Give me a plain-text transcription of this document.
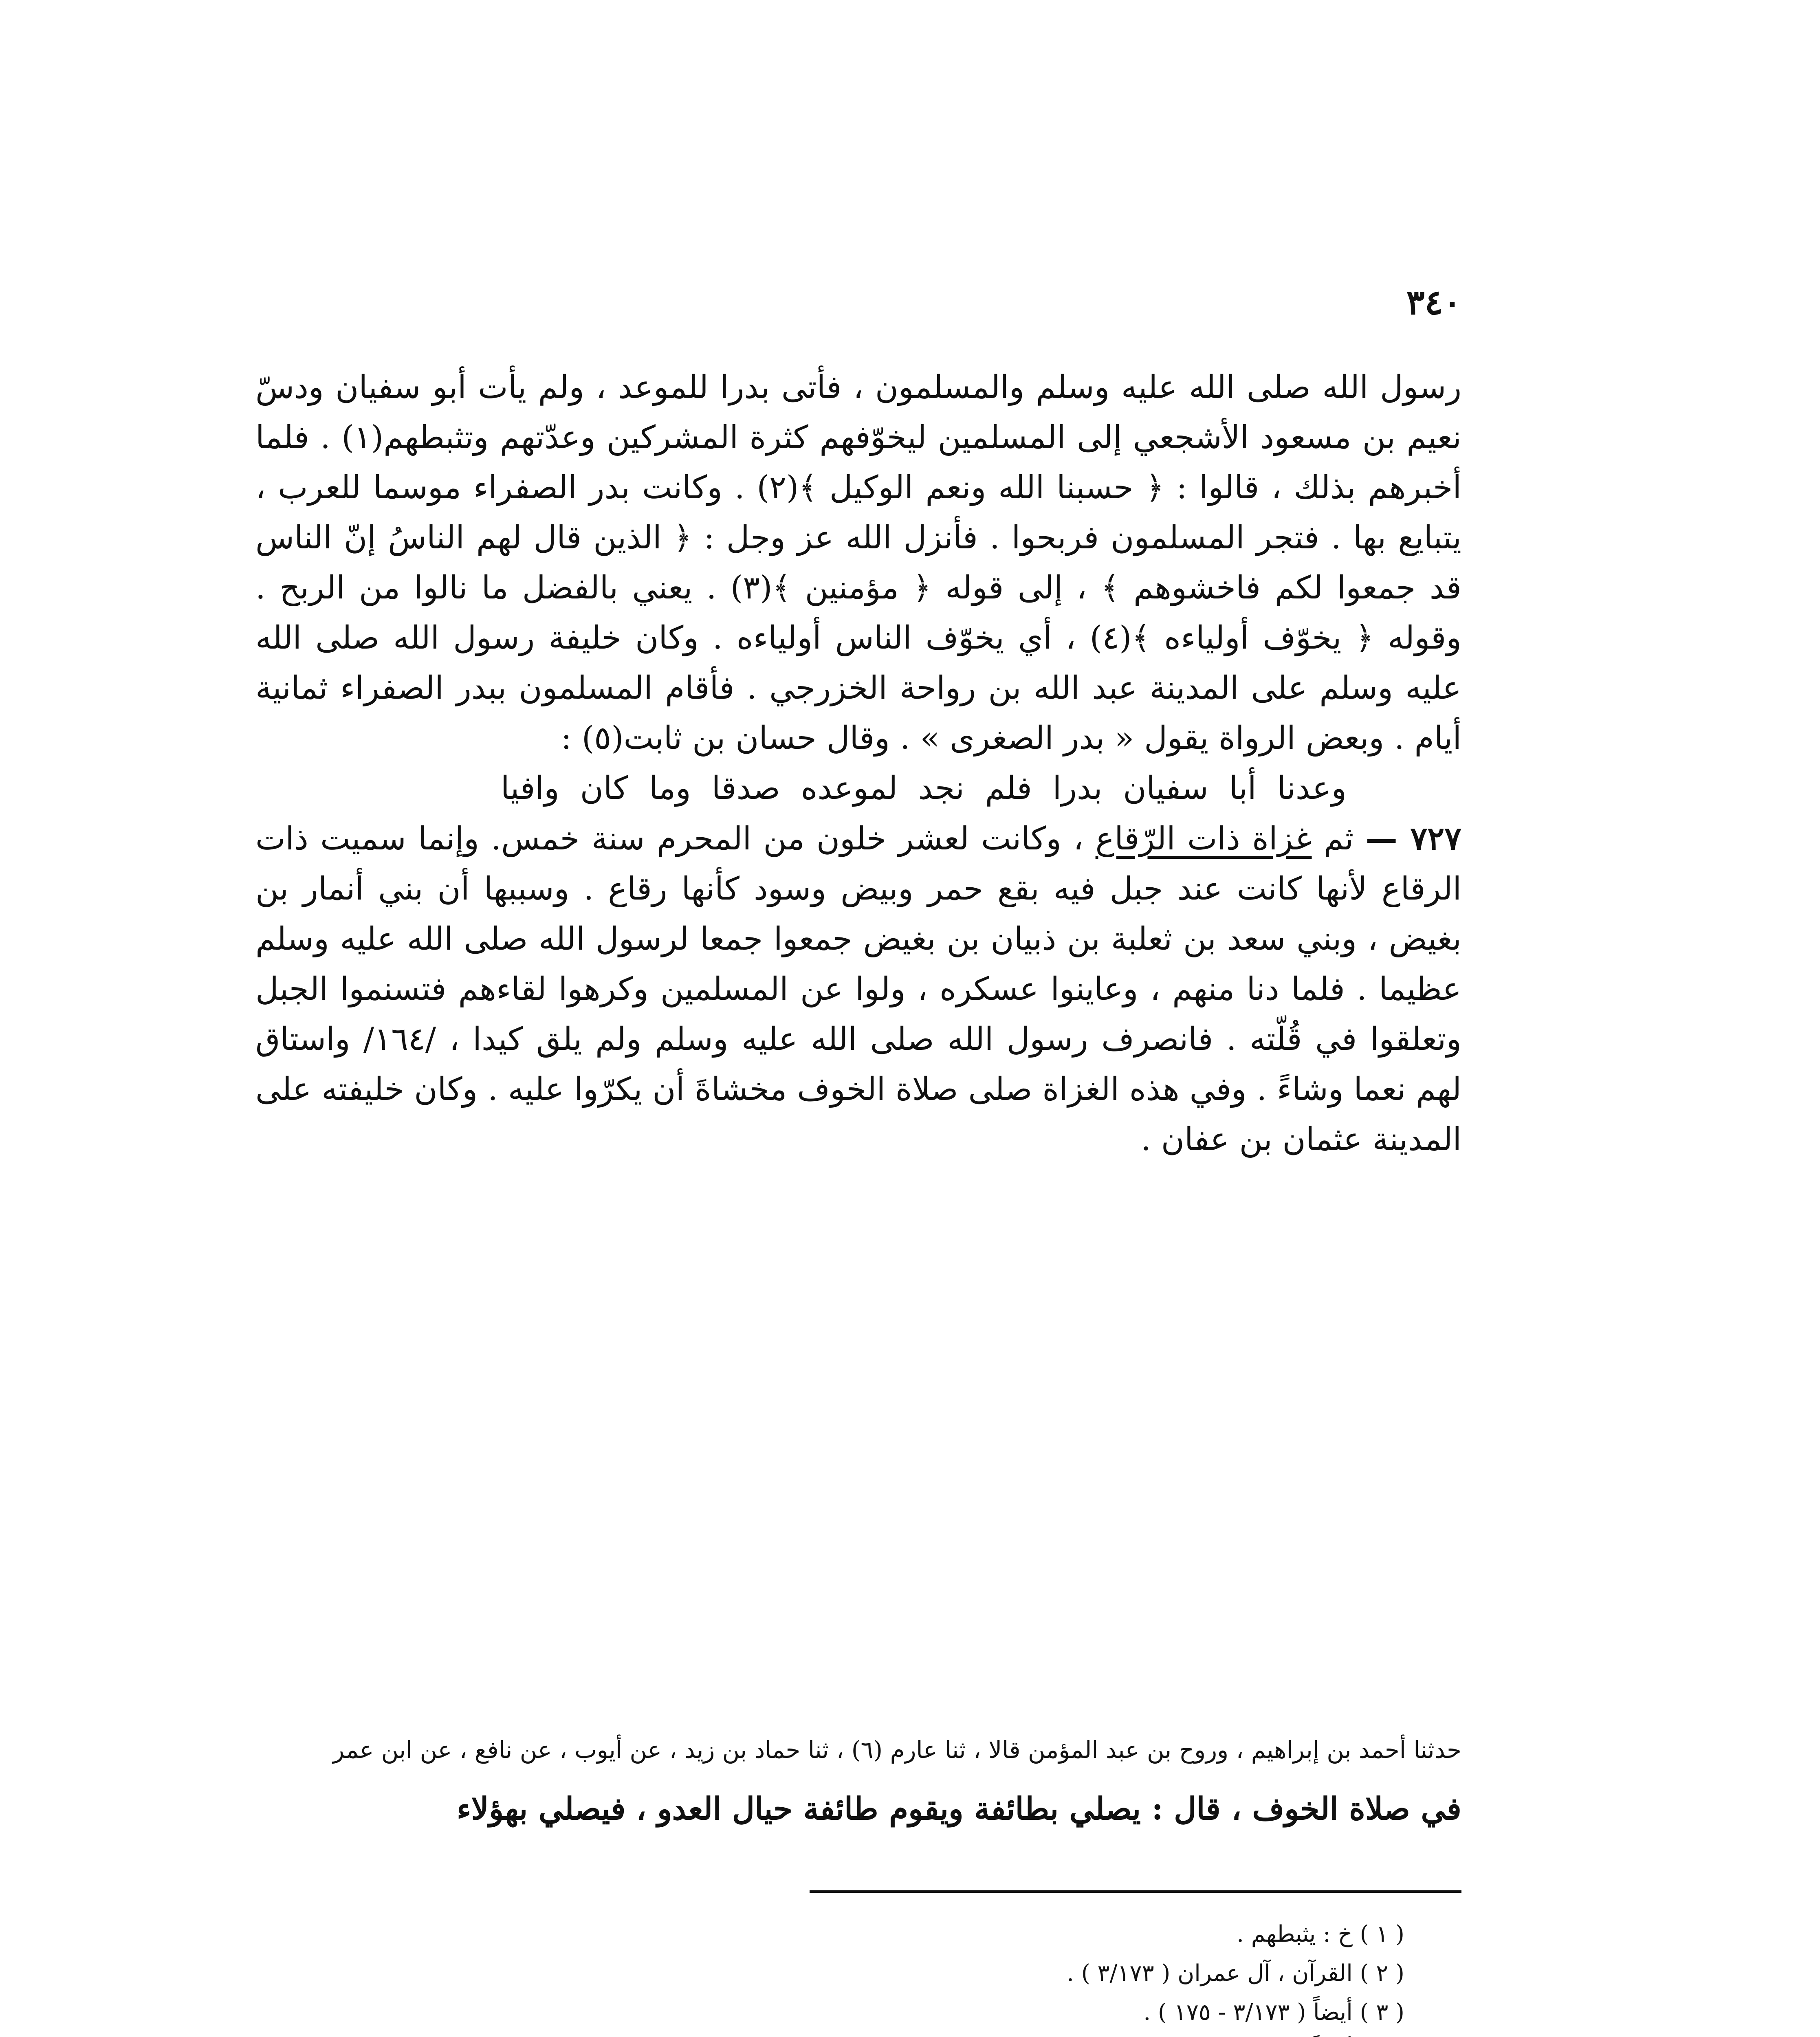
٣٤٠

رسول الله صلى الله عليه وسلم والمسلمون ، فأتى بدرا للموعد ، ولم يأت أبو سفيان ودسّ نعيم بن مسعود الأشجعي إلى المسلمين ليخوّفهم كثرة المشركين وعدّتهم وتثبطهم(١) . فلما أخبرهم بذلك ، قالوا : ﴿ حسبنا الله ونعم الوكيل ﴾(٢) . وكانت بدر الصفراء موسما للعرب ، يتبايع بها . فتجر المسلمون فربحوا . فأنزل الله عز وجل : ﴿ الذين قال لهم الناسُ إنّ الناس قد جمعوا لكم فاخشوهم ﴾ ، إلى قوله ﴿ مؤمنين ﴾(٣) . يعني بالفضل ما نالوا من الربح . وقوله ﴿ يخوّف أولياءه ﴾(٤) ، أي يخوّف الناس أولياءه . وكان خليفة رسول الله صلى الله عليه وسلم على المدينة عبد الله بن رواحة الخزرجي . فأقام المسلمون ببدر الصفراء ثمانية أيام . وبعض الرواة يقول « بدر الصغرى » . وقال حسان بن ثابت(٥) :

وعدنا أبا سفيان بدرا فلم نجد لموعده صدقا وما كان وافيا

٧٢٧ — ثم غزاة ذات الرّقاع ، وكانت لعشر خلون من المحرم سنة خمس. وإنما سميت ذات الرقاع لأنها كانت عند جبل فيه بقع حمر وبيض وسود كأنها رقاع . وسببها أن بني أنمار بن بغيض ، وبني سعد بن ثعلبة بن ذبيان بن بغيض جمعوا جمعا لرسول الله صلى الله عليه وسلم عظيما . فلما دنا منهم ، وعاينوا عسكره ، ولوا عن المسلمين وكرهوا لقاءهم فتسنموا الجبل وتعلقوا في قُلّته . فانصرف رسول الله صلى الله عليه وسلم ولم يلق كيدا ، /١٦٤/ واستاق لهم نعما وشاءً . وفي هذه الغزاة صلى صلاة الخوف مخشاةَ أن يكرّوا عليه . وكان خليفته على المدينة عثمان بن عفان .

حدثنا أحمد بن إبراهيم ، وروح بن عبد المؤمن قالا ، ثنا عارم (٦) ، ثنا حماد بن زيد ، عن أيوب ، عن نافع ، عن ابن عمر

في صلاة الخوف ، قال : يصلي بطائفة ويقوم طائفة حيال العدو ، فيصلي بهؤلاء

( ١ ) خ : يثبطهم .

( ٢ ) القرآن ، آل عمران ( ٣/١٧٣ ) .

( ٣ ) أيضاً ( ٣/١٧٣ - ١٧٥ ) .
